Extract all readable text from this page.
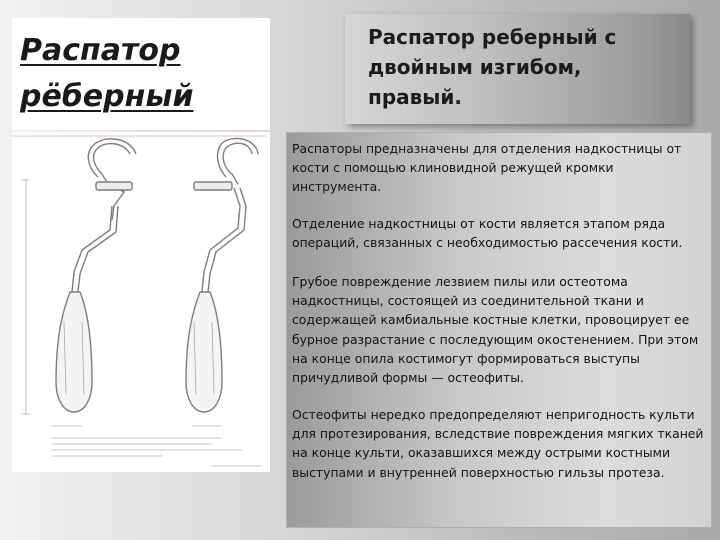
Распатор
рёберный
Распатор реберный с двойным изгибом, правый.

Распаторы предназначены для отделения надкостницы от кости с помощью клиновидной режущей кромки инструмента.

Отделение надкостницы от кости является этапом ряда операций, связанных с необходимостью рассечения кости.

Грубое повреждение лезвием пилы или остеотома надкостницы, состоящей из соединительной ткани и содержащей камбиальные костные клетки, провоцирует ее бурное разрастание с последующим окостенением. При этом на конце опила костимогут формироваться выступы причудливой формы — остеофиты.

Остеофиты нередко предопределяют непригодность культи для протезирования, вследствие повреждения мягких тканей на конце культи, оказавшихся между острыми костными выступами и внутренней поверхностью гильзы протеза.
